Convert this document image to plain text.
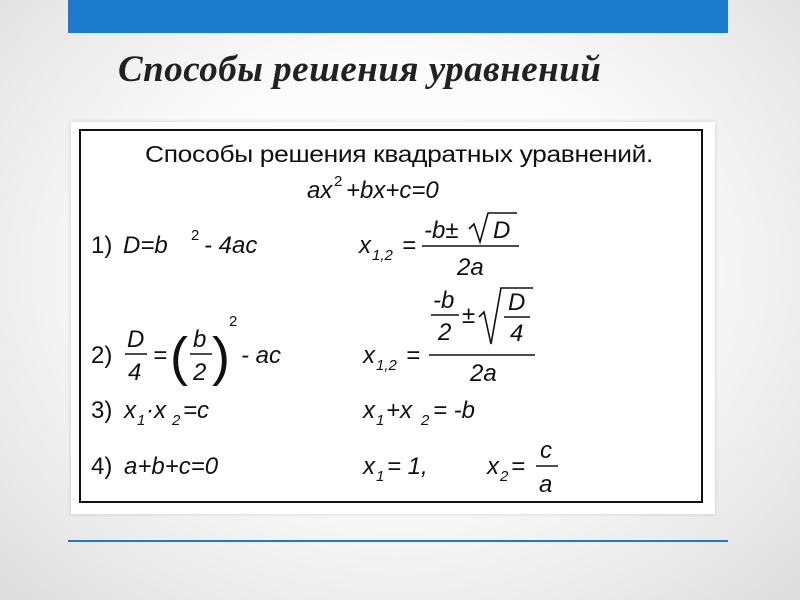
Способы решения уравнений
Способы решения квадратных уравнений.
ax 2 +bx+c=0
1) D=b 2 - 4ac	x 1,2 =
-b± D
2a
2)
D
4
= ( b
2 )
2
- ac	x 1,2 =
-b
2
± D
4
2a
3) x 1 ·x 2 =c	x 1 +x 2 = -b
4) a+b+c=0	x 1 = 1, x 2 =
c
a
